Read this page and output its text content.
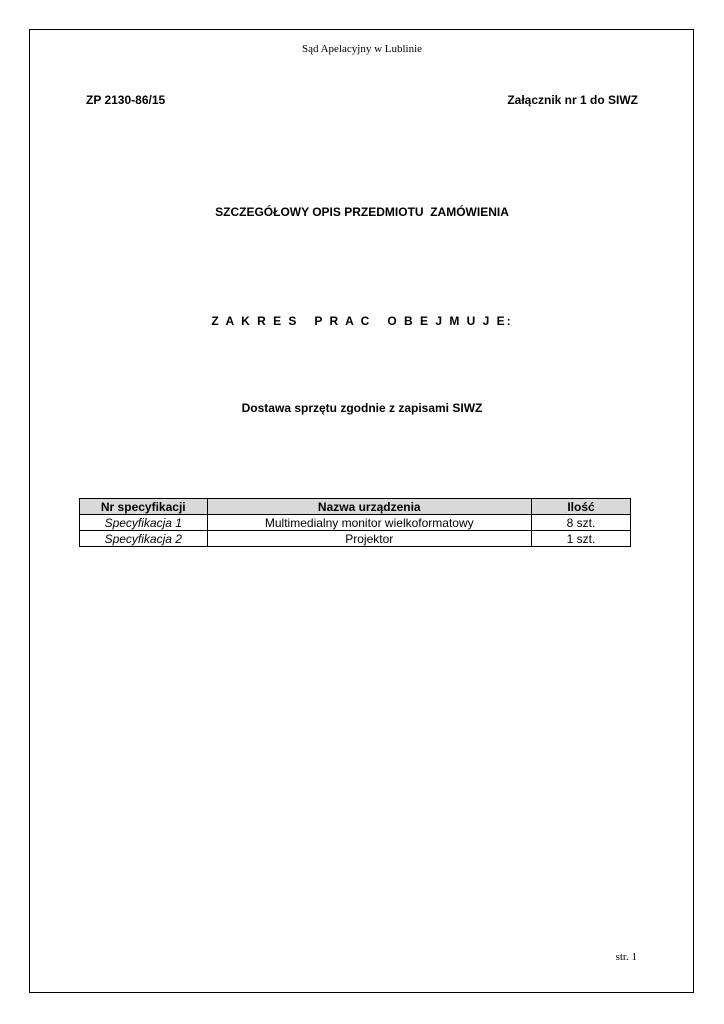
Sąd Apelacyjny w Lublinie
ZP 2130-86/15	Załącznik nr 1 do SIWZ
SZCZEGÓŁOWY OPIS PRZEDMIOTU  ZAMÓWIENIA
Z A K R E S   P R A C   O B E J M U J E:
Dostawa sprzętu zgodnie z zapisami SIWZ
Nr specyfikacji	Nazwa urządzenia	Ilość
Specyfikacja 1	Multimedialny monitor wielkoformatowy	8 szt.
Specyfikacja 2	Projektor	1 szt.
str. 1
